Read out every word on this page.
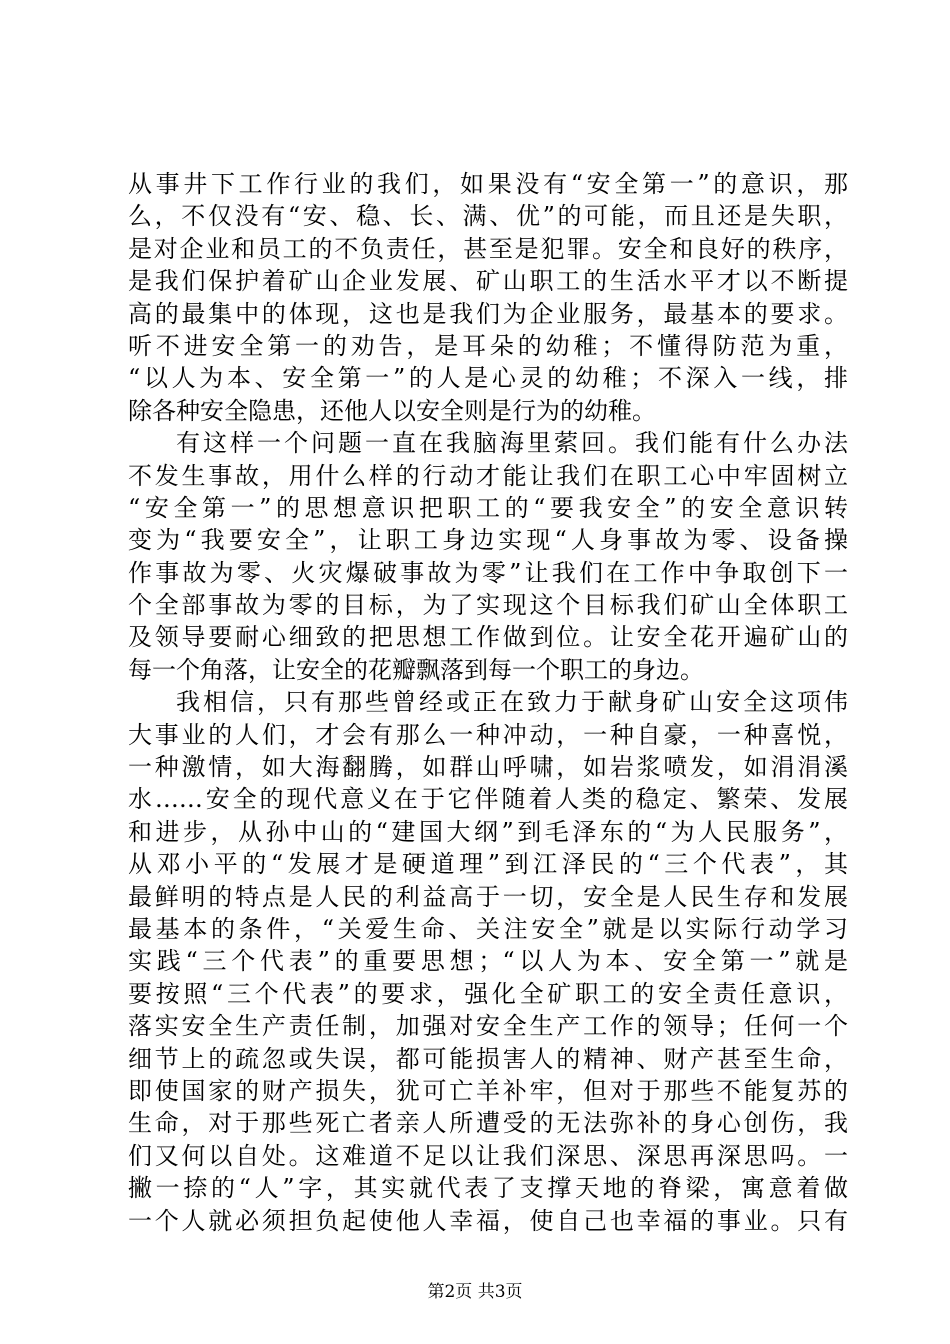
从事井下工作行业的我们，如果没有“安全第一”的意识，那
么，不仅没有“安、稳、长、满、优”的可能，而且还是失职，
是对企业和员工的不负责任，甚至是犯罪。安全和良好的秩序，
是我们保护着矿山企业发展、矿山职工的生活水平才以不断提
高的最集中的体现，这也是我们为企业服务，最基本的要求。
听不进安全第一的劝告，是耳朵的幼稚；不懂得防范为重，
“以人为本、安全第一”的人是心灵的幼稚；不深入一线，排
除各种安全隐患，还他人以安全则是行为的幼稚。
有这样一个问题一直在我脑海里萦回。我们能有什么办法
不发生事故，用什么样的行动才能让我们在职工心中牢固树立
“安全第一”的思想意识把职工的“要我安全”的安全意识转
变为“我要安全”，让职工身边实现“人身事故为零、设备操
作事故为零、火灾爆破事故为零”让我们在工作中争取创下一
个全部事故为零的目标，为了实现这个目标我们矿山全体职工
及领导要耐心细致的把思想工作做到位。让安全花开遍矿山的
每一个角落，让安全的花瓣飘落到每一个职工的身边。
我相信，只有那些曾经或正在致力于献身矿山安全这项伟
大事业的人们，才会有那么一种冲动，一种自豪，一种喜悦，
一种激情，如大海翻腾，如群山呼啸，如岩浆喷发，如涓涓溪
水……安全的现代意义在于它伴随着人类的稳定、繁荣、发展
和进步，从孙中山的“建国大纲”到毛泽东的“为人民服务”，
从邓小平的“发展才是硬道理”到江泽民的“三个代表”，其
最鲜明的特点是人民的利益高于一切，安全是人民生存和发展
最基本的条件，“关爱生命、关注安全”就是以实际行动学习
实践“三个代表”的重要思想；“以人为本、安全第一”就是
要按照“三个代表”的要求，强化全矿职工的安全责任意识，
落实安全生产责任制，加强对安全生产工作的领导；任何一个
细节上的疏忽或失误，都可能损害人的精神、财产甚至生命，
即使国家的财产损失，犹可亡羊补牢，但对于那些不能复苏的
生命，对于那些死亡者亲人所遭受的无法弥补的身心创伤，我
们又何以自处。这难道不足以让我们深思、深思再深思吗。一
撇一捺的“人”字，其实就代表了支撑天地的脊梁，寓意着做
一个人就必须担负起使他人幸福，使自己也幸福的事业。只有
第2页 共3页
